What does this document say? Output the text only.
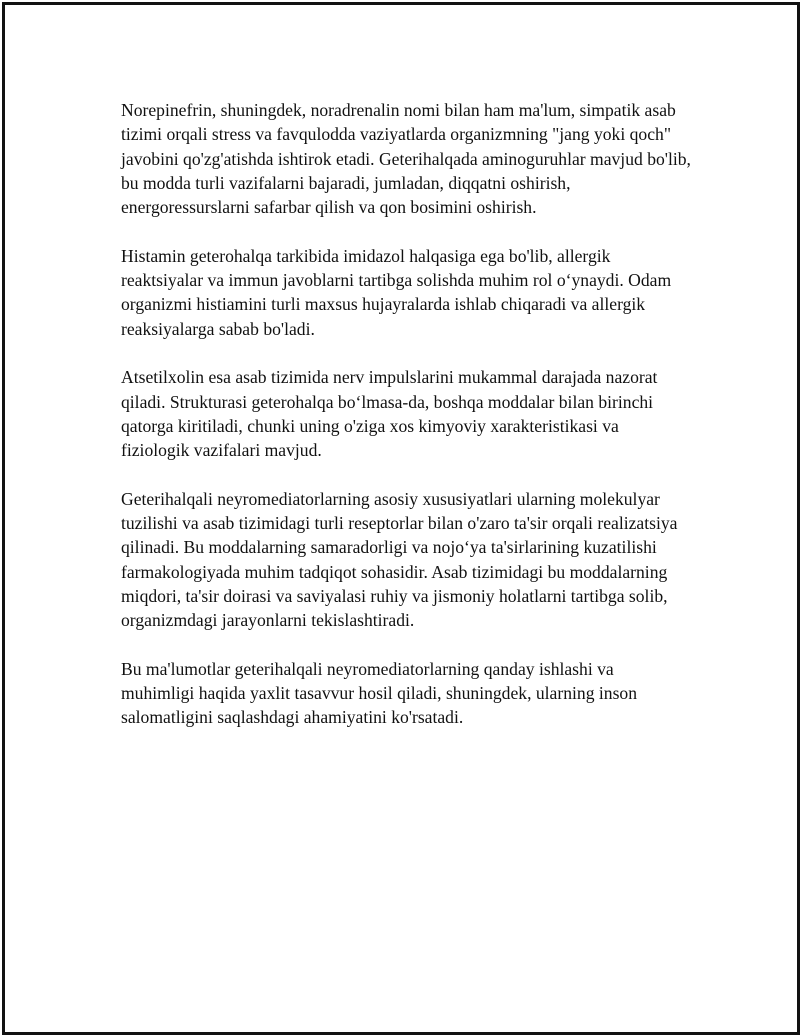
Norepinefrin, shuningdek, noradrenalin nomi bilan ham ma'lum, simpatik asab tizimi orqali stress va favqulodda vaziyatlarda organizmning "jang yoki qoch" javobini qo'zg'atishda ishtirok etadi. Geterihalqada aminoguruhlar mavjud bo'lib, bu modda turli vazifalarni bajaradi, jumladan, diqqatni oshirish, energoressurslarni safarbar qilish va qon bosimini oshirish.

Histamin geterohalqa tarkibida imidazol halqasiga ega bo'lib, allergik reaktsiyalar va immun javoblarni tartibga solishda muhim rol o‘ynaydi. Odam organizmi histiamini turli maxsus hujayralarda ishlab chiqaradi va allergik reaksiyalarga sabab bo'ladi.

Atsetilxolin esa asab tizimida nerv impulslarini mukammal darajada nazorat qiladi. Strukturasi geterohalqa bo‘lmasa-da, boshqa moddalar bilan birinchi qatorga kiritiladi, chunki uning o'ziga xos kimyoviy xarakteristikasi va fiziologik vazifalari mavjud.

Geterihalqali neyromediatorlarning asosiy xususiyatlari ularning molekulyar tuzilishi va asab tizimidagi turli reseptorlar bilan o'zaro ta'sir orqali realizatsiya qilinadi. Bu moddalarning samaradorligi va nojo‘ya ta'sirlarining kuzatilishi farmakologiyada muhim tadqiqot sohasidir. Asab tizimidagi bu moddalarning miqdori, ta'sir doirasi va saviyalasi ruhiy va jismoniy holatlarni tartibga solib, organizmdagi jarayonlarni tekislashtiradi.

Bu ma'lumotlar geterihalqali neyromediatorlarning qanday ishlashi va muhimligi haqida yaxlit tasavvur hosil qiladi, shuningdek, ularning inson salomatligini saqlashdagi ahamiyatini ko'rsatadi.
